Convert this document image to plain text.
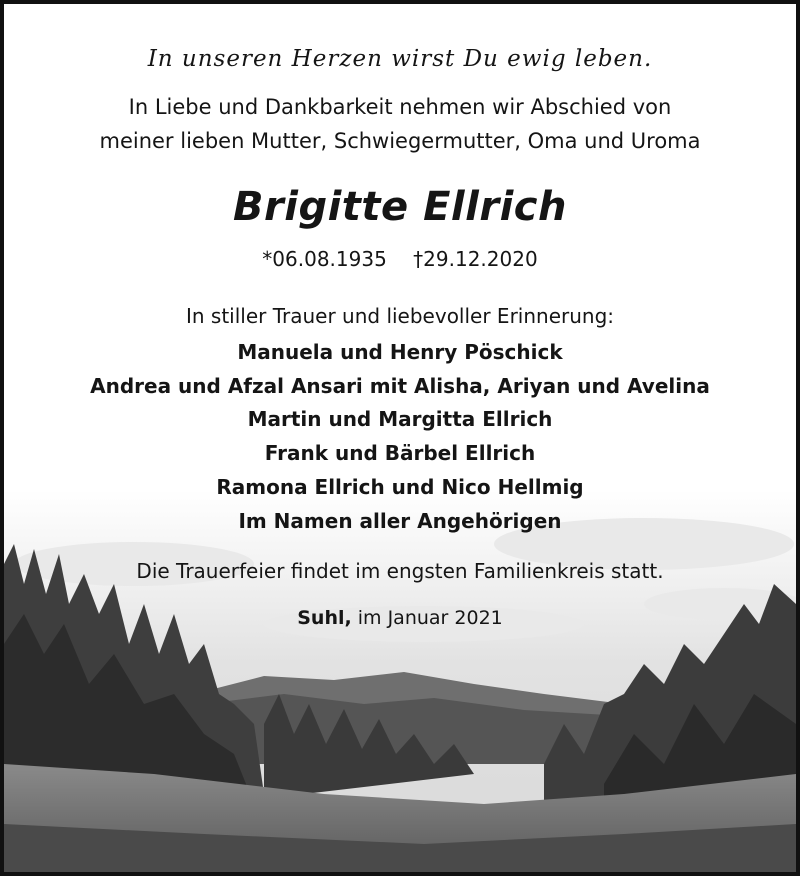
In unseren Herzen wirst Du ewig leben.
In Liebe und Dankbarkeit nehmen wir Abschied von
meiner lieben Mutter, Schwiegermutter, Oma und Uroma
Brigitte Ellrich
*06.08.1935 †29.12.2020
In stiller Trauer und liebevoller Erinnerung:
Manuela und Henry Pöschick
Andrea und Afzal Ansari mit Alisha, Ariyan und Avelina
Martin und Margitta Ellrich
Frank und Bärbel Ellrich
Ramona Ellrich und Nico Hellmig
Im Namen aller Angehörigen
Die Trauerfeier findet im engsten Familienkreis statt.
Suhl, im Januar 2021
